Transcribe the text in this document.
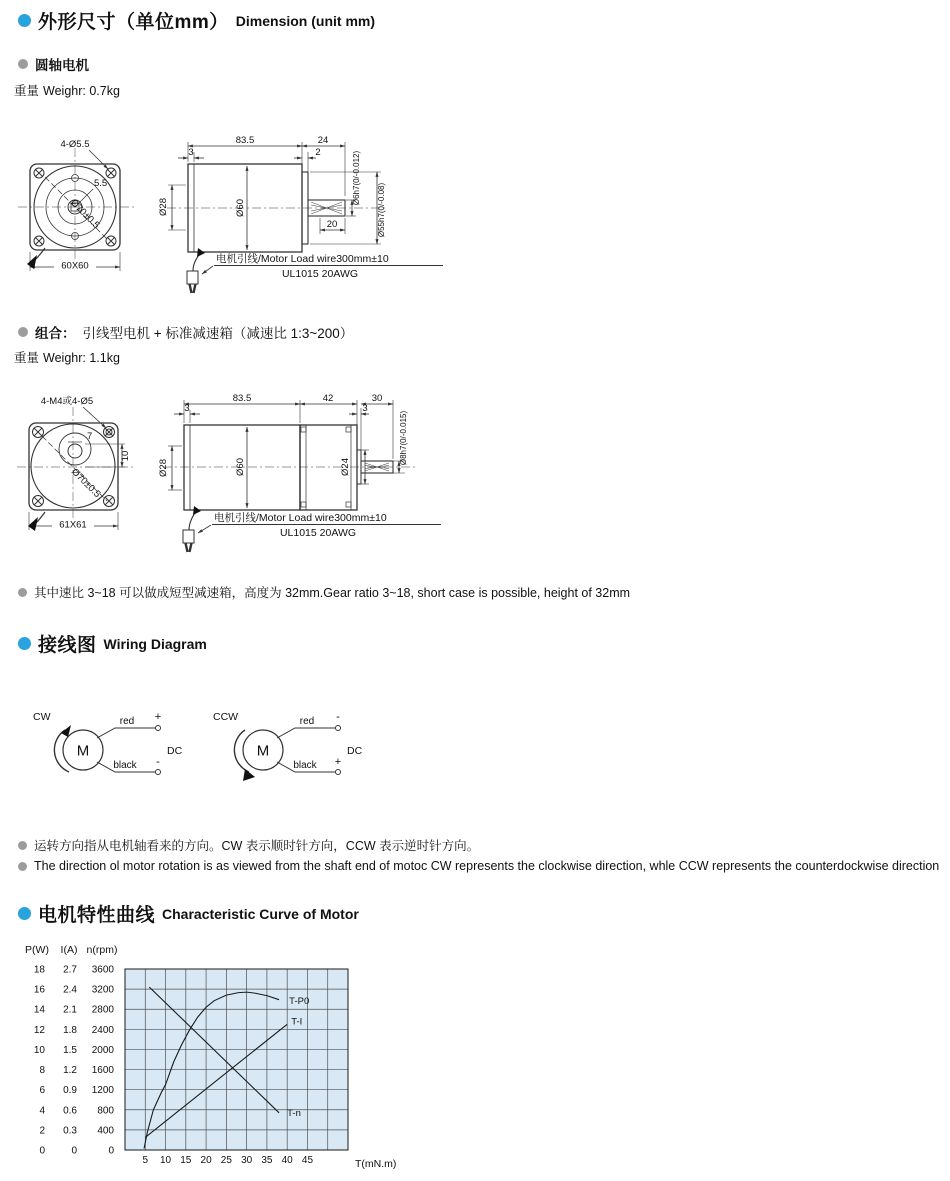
外形尺寸（单位mm） Dimension (unit mm)
圆轴电机
重量 Weighr: 0.7kg
4-Ø5.5
5.5
Ø70±0.5
60X60
83.5	24
3	2
Ø60
Ø28
20
Ø6h7(0/-0.012)
Ø55h7(0/-0.08)
电机引线/Motor Load wire300mm±10
UL1015 20AWG
组合： 引线型电机 + 标准减速箱（减速比 1:3~200）
重量 Weighr: 1.1kg
4-M4或4-Ø5
7
10
Ø70±0.5
61X61
83.5	42	30
3	3
Ø28	Ø60	Ø24
Ø8h7(0/-0.015)
电机引线/Motor Load wire300mm±10
UL1015 20AWG
其中速比 3~18 可以做成短型减速箱，高度为 32mm.Gear ratio 3~18, short case is possible, height of 32mm
接线图 Wiring Diagram
CW
M
red
black
+
-
DC
CCW
M
red
black
-
+
DC
运转方向指从电机轴看来的方向。CW 表示顺时针方向，CCW 表示逆时针方向。
The direction ol motor rotation is as viewed from the shaft end of motoc CW represents the clockwise direction, whle CCW represents the counterdockwise direction
电机特性曲线 Characteristic Curve of Motor
P(W)
18
16
14
12
10
8
6
4
2
0
I(A)
2.7
2.4
2.1
1.8
1.5
1.2
0.9
0.6
0.3
0
n(rpm)
3600
3200
2800
2400
2000
1600
1200
800
400
0
5 10 15 20 25 30 35 40 45	T(mN.m)
T-P0
T-I
T-n
